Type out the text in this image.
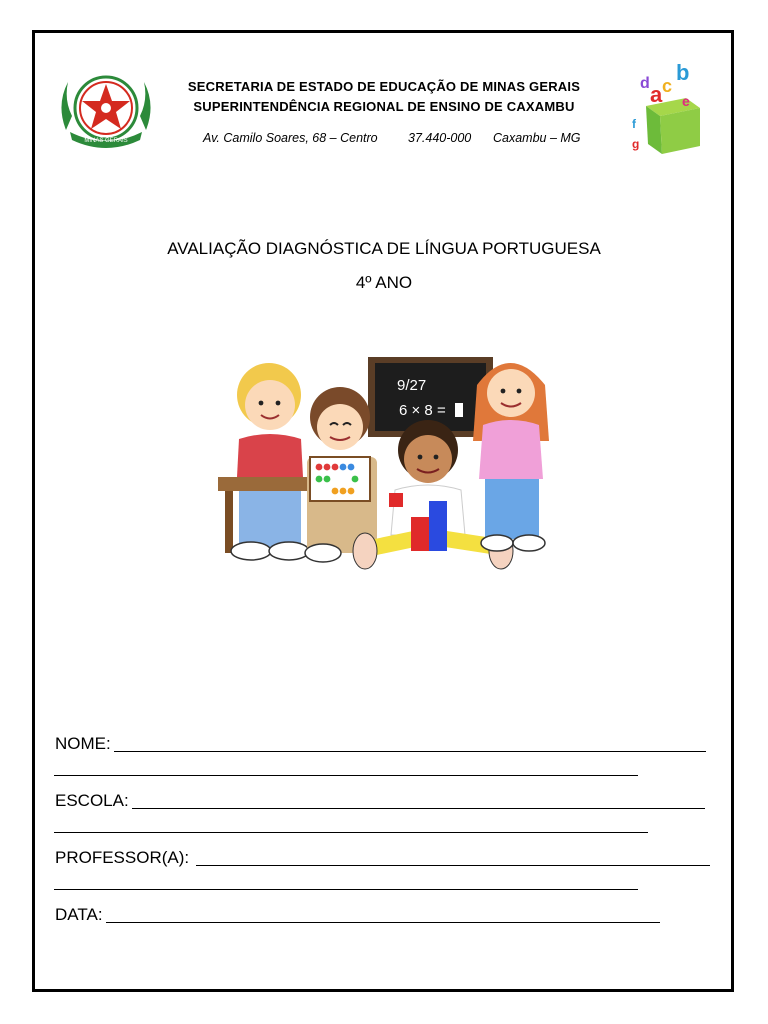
MINAS GERAIS
SECRETARIA DE ESTADO DE EDUCAÇÃO DE MINAS GERAIS
SUPERINTENDÊNCIA REGIONAL DE ENSINO DE CAXAMBU
Av. Camilo Soares, 68 – Centro 37.440-000 Caxambu – MG
a
b
c
d
e
f
g
AVALIAÇÃO DIAGNÓSTICA DE LÍNGUA PORTUGUESA
4º ANO
9/27
6 × 8 =
NOME:
ESCOLA:
PROFESSOR(A):
DATA:
